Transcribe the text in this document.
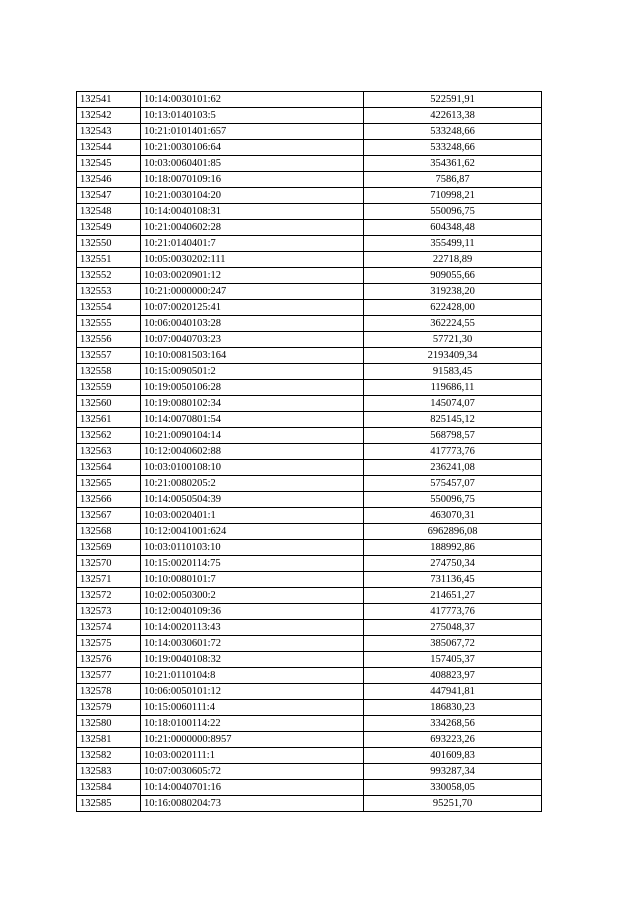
132541	10:14:0030101:62	522591,91
132542	10:13:0140103:5	422613,38
132543	10:21:0101401:657	533248,66
132544	10:21:0030106:64	533248,66
132545	10:03:0060401:85	354361,62
132546	10:18:0070109:16	7586,87
132547	10:21:0030104:20	710998,21
132548	10:14:0040108:31	550096,75
132549	10:21:0040602:28	604348,48
132550	10:21:0140401:7	355499,11
132551	10:05:0030202:111	22718,89
132552	10:03:0020901:12	909055,66
132553	10:21:0000000:247	319238,20
132554	10:07:0020125:41	622428,00
132555	10:06:0040103:28	362224,55
132556	10:07:0040703:23	57721,30
132557	10:10:0081503:164	2193409,34
132558	10:15:0090501:2	91583,45
132559	10:19:0050106:28	119686,11
132560	10:19:0080102:34	145074,07
132561	10:14:0070801:54	825145,12
132562	10:21:0090104:14	568798,57
132563	10:12:0040602:88	417773,76
132564	10:03:0100108:10	236241,08
132565	10:21:0080205:2	575457,07
132566	10:14:0050504:39	550096,75
132567	10:03:0020401:1	463070,31
132568	10:12:0041001:624	6962896,08
132569	10:03:0110103:10	188992,86
132570	10:15:0020114:75	274750,34
132571	10:10:0080101:7	731136,45
132572	10:02:0050300:2	214651,27
132573	10:12:0040109:36	417773,76
132574	10:14:0020113:43	275048,37
132575	10:14:0030601:72	385067,72
132576	10:19:0040108:32	157405,37
132577	10:21:0110104:8	408823,97
132578	10:06:0050101:12	447941,81
132579	10:15:0060111:4	186830,23
132580	10:18:0100114:22	334268,56
132581	10:21:0000000:8957	693223,26
132582	10:03:0020111:1	401609,83
132583	10:07:0030605:72	993287,34
132584	10:14:0040701:16	330058,05
132585	10:16:0080204:73	95251,70
